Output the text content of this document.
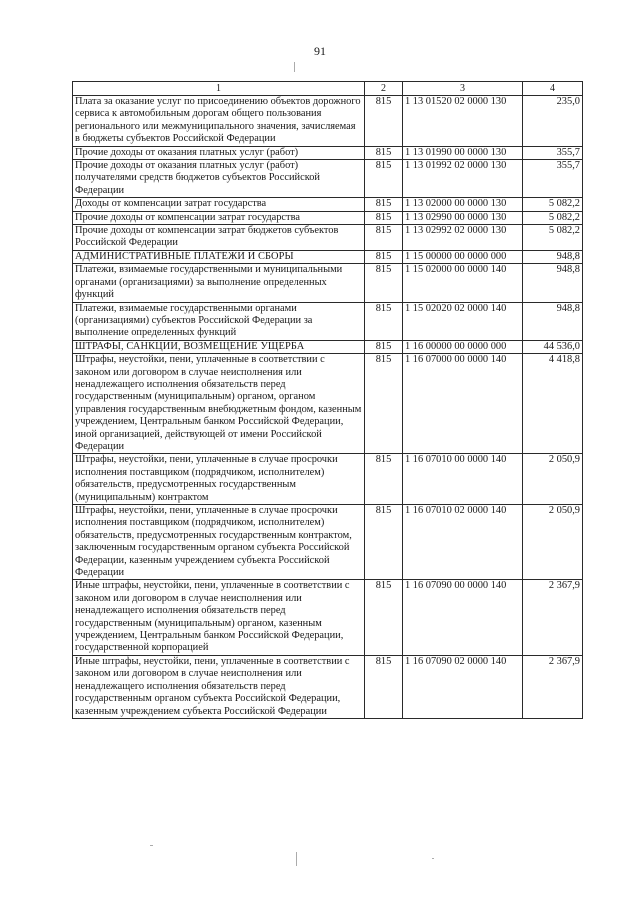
91
1	2	3	4
Плата за оказание услуг по присоединению объектов дорожного сервиса к автомобильным дорогам общего пользования регионального или межмуниципального значения, зачисляемая в бюджеты субъектов Российской Федерации	815	1 13 01520 02 0000 130	235,0
Прочие доходы от оказания платных услуг (работ)	815	1 13 01990 00 0000 130	355,7
Прочие доходы от оказания платных услуг (работ) получателями средств бюджетов субъектов Российской Федерации	815	1 13 01992 02 0000 130	355,7
Доходы от компенсации затрат государства	815	1 13 02000 00 0000 130	5 082,2
Прочие доходы от компенсации затрат государства	815	1 13 02990 00 0000 130	5 082,2
Прочие доходы от компенсации затрат бюджетов субъектов Российской Федерации	815	1 13 02992 02 0000 130	5 082,2
АДМИНИСТРАТИВНЫЕ ПЛАТЕЖИ И СБОРЫ	815	1 15 00000 00 0000 000	948,8
Платежи, взимаемые государственными и муниципальными органами (организациями) за выполнение определенных функций	815	1 15 02000 00 0000 140	948,8
Платежи, взимаемые государственными органами (организациями) субъектов Российской Федерации за выполнение определенных функций	815	1 15 02020 02 0000 140	948,8
ШТРАФЫ, САНКЦИИ, ВОЗМЕЩЕНИЕ УЩЕРБА	815	1 16 00000 00 0000 000	44 536,0
Штрафы, неустойки, пени, уплаченные в соответствии с законом или договором в случае неисполнения или ненадлежащего исполнения обязательств перед государственным (муниципальным) органом, органом управления государственным внебюджетным фондом, казенным учреждением, Центральным банком Российской Федерации, иной организацией, действующей от имени Российской Федерации	815	1 16 07000 00 0000 140	4 418,8
Штрафы, неустойки, пени, уплаченные в случае просрочки исполнения поставщиком (подрядчиком, исполнителем) обязательств, предусмотренных государственным (муниципальным) контрактом	815	1 16 07010 00 0000 140	2 050,9
Штрафы, неустойки, пени, уплаченные в случае просрочки исполнения поставщиком (подрядчиком, исполнителем) обязательств, предусмотренных государственным контрактом, заключенным государственным органом субъекта Российской Федерации, казенным учреждением субъекта Российской Федерации	815	1 16 07010 02 0000 140	2 050,9
Иные штрафы, неустойки, пени, уплаченные в соответствии с законом или договором в случае неисполнения или ненадлежащего исполнения обязательств перед государственным (муниципальным) органом, казенным учреждением, Центральным банком Российской Федерации, государственной корпорацией	815	1 16 07090 00 0000 140	2 367,9
Иные штрафы, неустойки, пени, уплаченные в соответствии с законом или договором в случае неисполнения или ненадлежащего исполнения обязательств перед государственным органом субъекта Российской Федерации, казенным учреждением субъекта Российской Федерации	815	1 16 07090 02 0000 140	2 367,9
